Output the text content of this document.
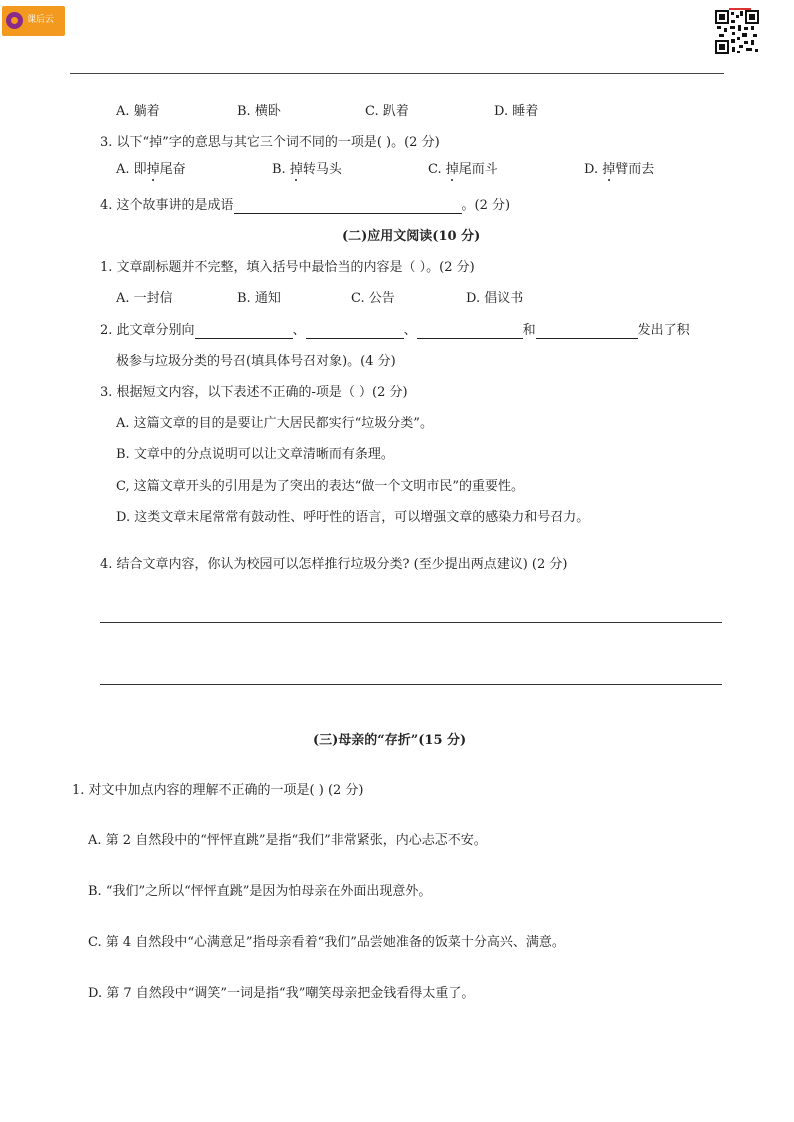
课后云
A. 躺着	B. 横卧	C. 趴着	D. 睡着
3. 以下“掉”字的意思与其它三个词不同的一项是( )。(2 分)
A. 即掉尾奋	B. 掉转马头	C. 掉尾而斗	D. 掉臂而去
4. 这个故事讲的是成语	。(2 分)
(二)应用文阅读(10 分)
1. 文章副标题并不完整，填入括号中最恰当的内容是（ ）。(2 分)
A. 一封信	B. 通知	C. 公告	D. 倡议书
2. 此文章分别向	、	、	和	发出了积
极参与垃圾分类的号召(填具体号召对象)。(4 分)
3. 根据短文内容，以下表述不正确的-项是（ ）(2 分)
A. 这篇文章的目的是要让广大居民都实行“垃圾分类”。
B. 文章中的分点说明可以让文章清晰而有条理。
C, 这篇文章开头的引用是为了突出的表达“做一个文明市民”的重要性。
D. 这类文章末尾常常有鼓动性、呼吁性的语言，可以增强文章的感染力和号召力。
4. 结合文章内容，你认为校园可以怎样推行垃圾分类? (至少提出两点建议) (2 分)
(三)母亲的“存折”(15 分)
1. 对文中加点内容的理解不正确的一项是( ) (2 分)
A. 第 2 自然段中的“怦怦直跳”是指“我们”非常紧张，内心忐忑不安。
B. “我们”之所以“怦怦直跳”是因为怕母亲在外面出现意外。
C. 第 4 自然段中“心满意足”指母亲看着“我们”品尝她准备的饭菜十分高兴、满意。
D. 第 7 自然段中“调笑”一词是指“我”嘲笑母亲把金钱看得太重了。
